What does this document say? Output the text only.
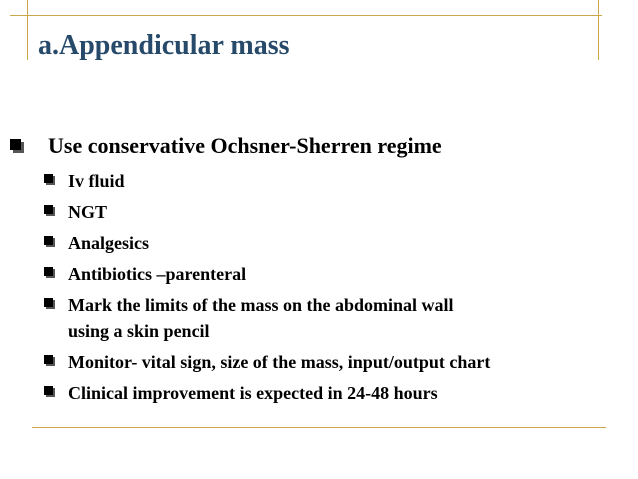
a.Appendicular mass
Use conservative Ochsner-Sherren regime
Iv fluid
NGT
Analgesics
Antibiotics –parenteral
Mark the limits of the mass on the abdominal wall
using a skin pencil
Monitor- vital sign, size of the mass, input/output chart
Clinical improvement is expected in 24-48 hours
